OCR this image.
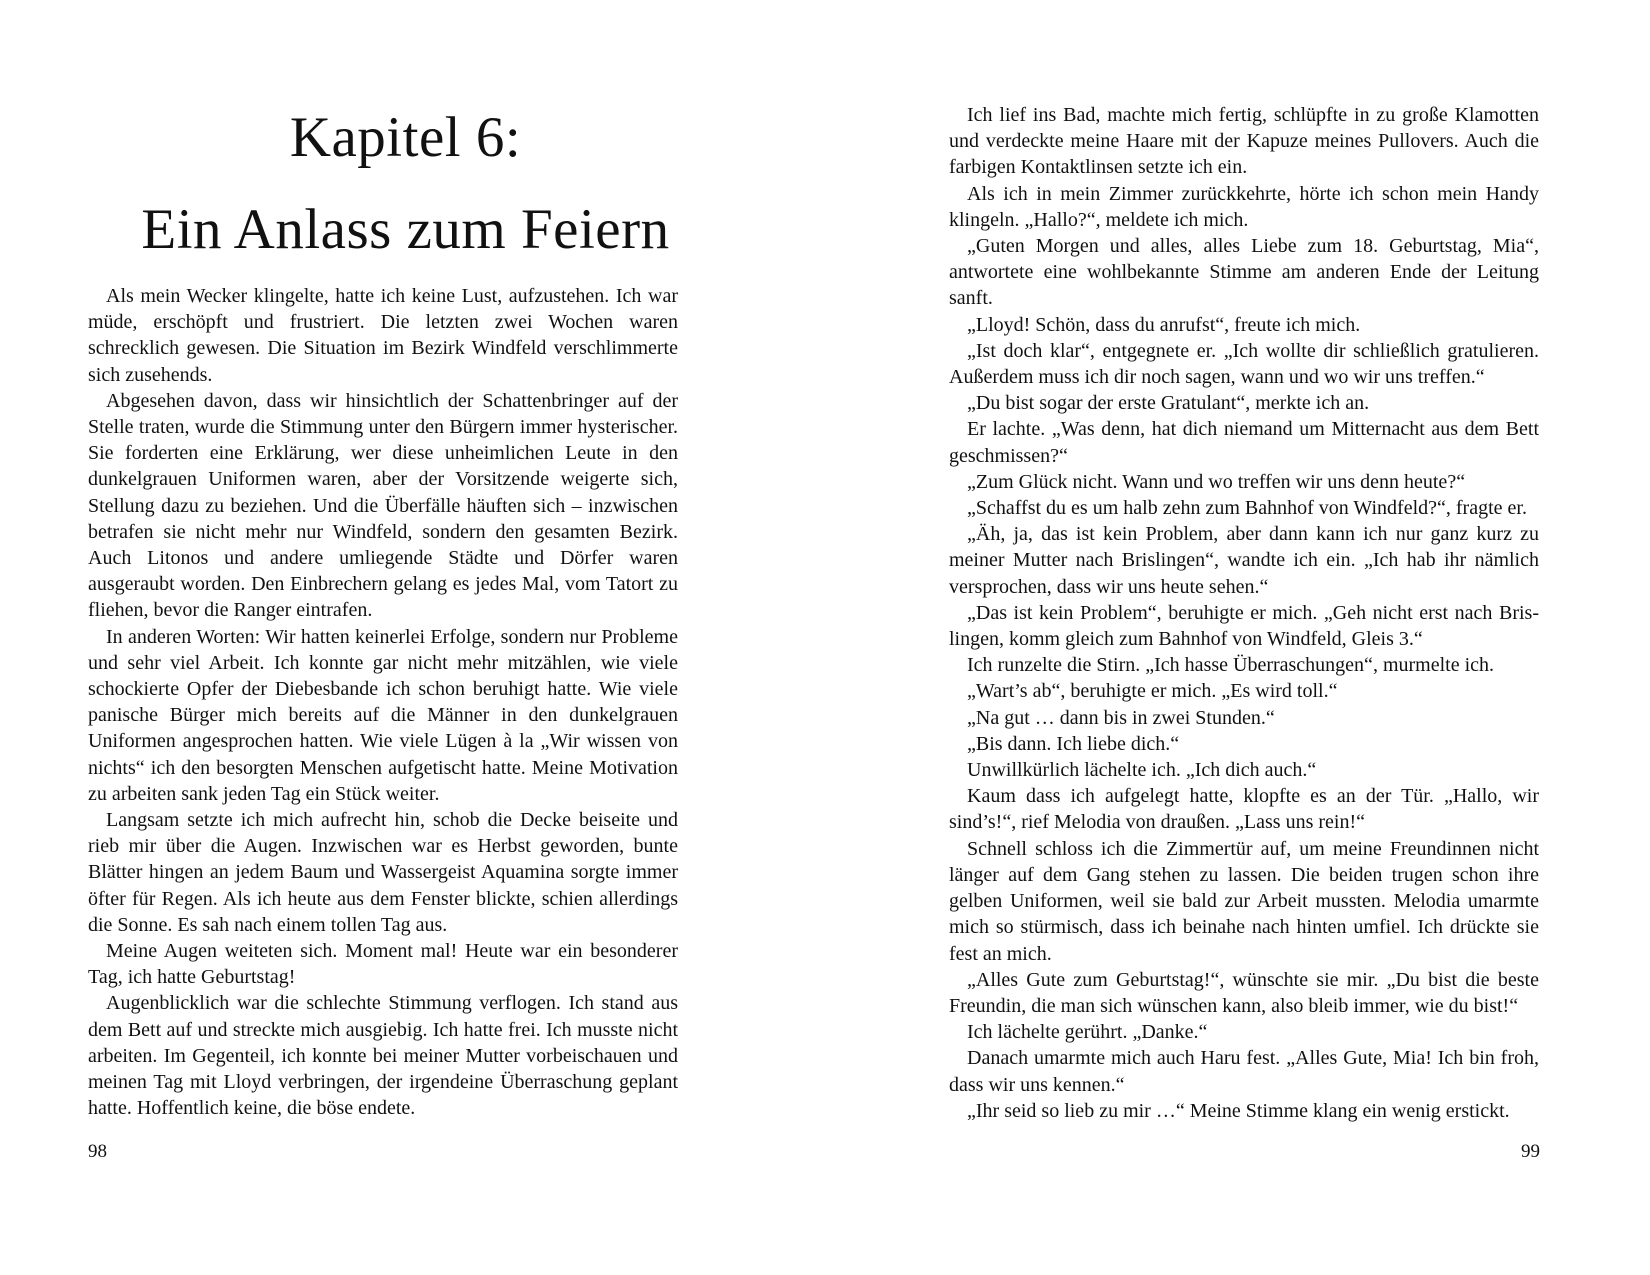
Kapitel 6:
Ein Anlass zum Feiern

Als mein Wecker klingelte, hatte ich keine Lust, aufzustehen. Ich war müde, erschöpft und frustriert. Die letzten zwei Wochen waren schrecklich gewesen. Die Situation im Bezirk Windfeld verschlimmerte sich zusehends.

Abgesehen davon, dass wir hinsichtlich der Schattenbringer auf der Stelle traten, wurde die Stimmung unter den Bürgern immer hysterischer. Sie forderten eine Erklärung, wer diese unheimlichen Leute in den dunkelgrauen Uniformen waren, aber der Vorsitzende weigerte sich, Stellung dazu zu beziehen. Und die Überfälle häuften sich – inzwischen betrafen sie nicht mehr nur Windfeld, sondern den gesamten Bezirk. Auch Litonos und andere umliegende Städte und Dörfer waren ausgeraubt worden. Den Einbrechern gelang es jedes Mal, vom Tatort zu fliehen, bevor die Ranger eintrafen.

In anderen Worten: Wir hatten keinerlei Erfolge, sondern nur Probleme und sehr viel Arbeit. Ich konnte gar nicht mehr mitzählen, wie viele schockierte Opfer der Diebesbande ich schon beruhigt hatte. Wie viele panische Bürger mich bereits auf die Männer in den dunkelgrauen Uniformen angesprochen hatten. Wie viele Lügen à la „Wir wissen von nichts“ ich den besorgten Menschen aufgetischt hatte. Meine Motivation zu arbeiten sank jeden Tag ein Stück weiter.

Langsam setzte ich mich aufrecht hin, schob die Decke beiseite und rieb mir über die Augen. Inzwischen war es Herbst geworden, bunte Blätter hingen an jedem Baum und Wassergeist Aquamina sorgte immer öfter für Regen. Als ich heute aus dem Fenster blickte, schien allerdings die Sonne. Es sah nach einem tollen Tag aus.

Meine Augen weiteten sich. Moment mal! Heute war ein besonderer Tag, ich hatte Geburtstag!

Augenblicklich war die schlechte Stimmung verflogen. Ich stand aus dem Bett auf und streckte mich ausgiebig. Ich hatte frei. Ich musste nicht arbeiten. Im Gegenteil, ich konnte bei meiner Mutter vorbeischauen und meinen Tag mit Lloyd verbringen, der irgendeine Überraschung geplant hatte. Hoffentlich keine, die böse endete.

98

Ich lief ins Bad, machte mich fertig, schlüpfte in zu große Klamotten und verdeckte meine Haare mit der Kapuze meines Pullovers. Auch die farbigen Kontaktlinsen setzte ich ein.

Als ich in mein Zimmer zurückkehrte, hörte ich schon mein Handy klingeln. „Hallo?“, meldete ich mich.

„Guten Morgen und alles, alles Liebe zum 18. Geburtstag, Mia“, antwortete eine wohlbekannte Stimme am anderen Ende der Leitung sanft.

„Lloyd! Schön, dass du anrufst“, freute ich mich.

„Ist doch klar“, entgegnete er. „Ich wollte dir schließlich gratulieren. Außerdem muss ich dir noch sagen, wann und wo wir uns treffen.“

„Du bist sogar der erste Gratulant“, merkte ich an.

Er lachte. „Was denn, hat dich niemand um Mitternacht aus dem Bett geschmissen?“

„Zum Glück nicht. Wann und wo treffen wir uns denn heute?“

„Schaffst du es um halb zehn zum Bahnhof von Windfeld?“, fragte er.

„Äh, ja, das ist kein Problem, aber dann kann ich nur ganz kurz zu meiner Mutter nach Brislingen“, wandte ich ein. „Ich hab ihr nämlich versprochen, dass wir uns heute sehen.“

„Das ist kein Problem“, beruhigte er mich. „Geh nicht erst nach Brislingen, komm gleich zum Bahnhof von Windfeld, Gleis 3.“

Ich runzelte die Stirn. „Ich hasse Überraschungen“, murmelte ich.

„Wart’s ab“, beruhigte er mich. „Es wird toll.“

„Na gut … dann bis in zwei Stunden.“

„Bis dann. Ich liebe dich.“

Unwillkürlich lächelte ich. „Ich dich auch.“

Kaum dass ich aufgelegt hatte, klopfte es an der Tür. „Hallo, wir sind’s!“, rief Melodia von draußen. „Lass uns rein!“

Schnell schloss ich die Zimmertür auf, um meine Freundinnen nicht länger auf dem Gang stehen zu lassen. Die beiden trugen schon ihre gelben Uniformen, weil sie bald zur Arbeit mussten. Melodia umarmte mich so stürmisch, dass ich beinahe nach hinten umfiel. Ich drückte sie fest an mich.

„Alles Gute zum Geburtstag!“, wünschte sie mir. „Du bist die beste Freundin, die man sich wünschen kann, also bleib immer, wie du bist!“

Ich lächelte gerührt. „Danke.“

Danach umarmte mich auch Haru fest. „Alles Gute, Mia! Ich bin froh, dass wir uns kennen.“

„Ihr seid so lieb zu mir …“ Meine Stimme klang ein wenig erstickt.

99
